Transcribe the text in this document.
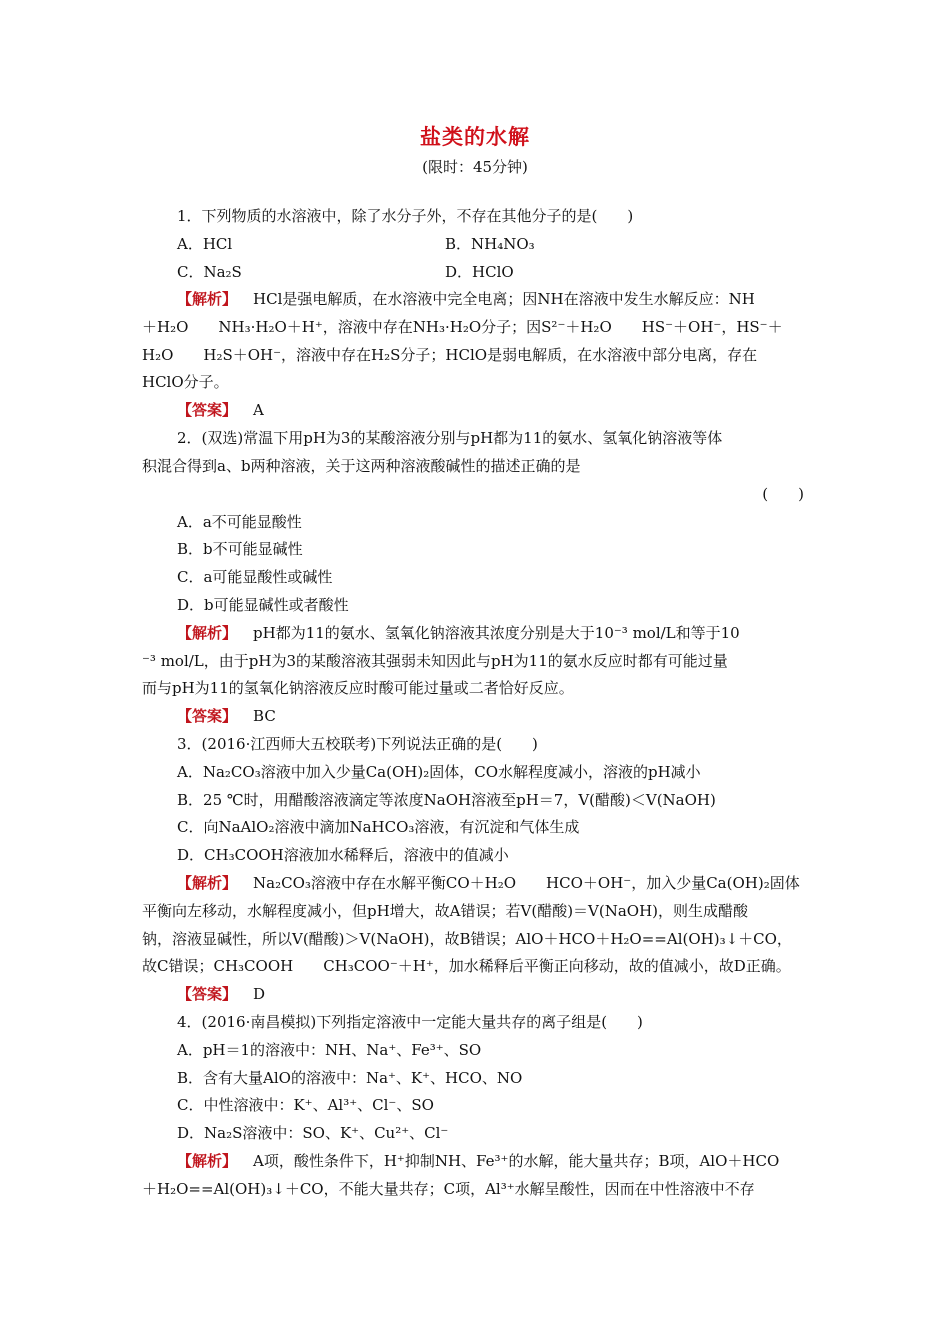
盐类的水解
(限时：45分钟)
1．下列物质的水溶液中，除了水分子外，不存在其他分子的是(　　)
A．HCl	B．NH₄NO₃
C．Na₂S	D．HClO
【解析】 HCl是强电解质，在水溶液中完全电离；因NH在溶液中发生水解反应：NH
＋H₂O　　NH₃·H₂O＋H⁺，溶液中存在NH₃·H₂O分子；因S²⁻＋H₂O　　HS⁻＋OH⁻，HS⁻＋
H₂O　　H₂S＋OH⁻，溶液中存在H₂S分子；HClO是弱电解质，在水溶液中部分电离，存在
HClO分子。
【答案】 A
2．(双选)常温下用pH为3的某酸溶液分别与pH都为11的氨水、氢氧化钠溶液等体
积混合得到a、b两种溶液，关于这两种溶液酸碱性的描述正确的是
(　　)
A．a不可能显酸性
B．b不可能显碱性
C．a可能显酸性或碱性
D．b可能显碱性或者酸性
【解析】 pH都为11的氨水、氢氧化钠溶液其浓度分别是大于10⁻³ mol/L和等于10
⁻³ mol/L，由于pH为3的某酸溶液其强弱未知因此与pH为11的氨水反应时都有可能过量
而与pH为11的氢氧化钠溶液反应时酸可能过量或二者恰好反应。
【答案】 BC
3．(2016·江西师大五校联考)下列说法正确的是(　　)
A．Na₂CO₃溶液中加入少量Ca(OH)₂固体，CO水解程度减小，溶液的pH减小
B．25 ℃时，用醋酸溶液滴定等浓度NaOH溶液至pH＝7，V(醋酸)＜V(NaOH)
C．向NaAlO₂溶液中滴加NaHCO₃溶液，有沉淀和气体生成
D．CH₃COOH溶液加水稀释后，溶液中的值减小
【解析】 Na₂CO₃溶液中存在水解平衡CO＋H₂O　　HCO＋OH⁻，加入少量Ca(OH)₂固体
平衡向左移动，水解程度减小，但pH增大，故A错误；若V(醋酸)＝V(NaOH)，则生成醋酸
钠，溶液显碱性，所以V(醋酸)＞V(NaOH)，故B错误；AlO＋HCO＋H₂O==Al(OH)₃↓＋CO，
故C错误；CH₃COOH　　CH₃COO⁻＋H⁺，加水稀释后平衡正向移动，故的值减小，故D正确。
【答案】 D
4．(2016·南昌模拟)下列指定溶液中一定能大量共存的离子组是(　　)
A．pH＝1的溶液中：NH、Na⁺、Fe³⁺、SO
B．含有大量AlO的溶液中：Na⁺、K⁺、HCO、NO
C．中性溶液中：K⁺、Al³⁺、Cl⁻、SO
D．Na₂S溶液中：SO、K⁺、Cu²⁺、Cl⁻
【解析】 A项，酸性条件下，H⁺抑制NH、Fe³⁺的水解，能大量共存；B项，AlO＋HCO
＋H₂O==Al(OH)₃↓＋CO，不能大量共存；C项，Al³⁺水解呈酸性，因而在中性溶液中不存
